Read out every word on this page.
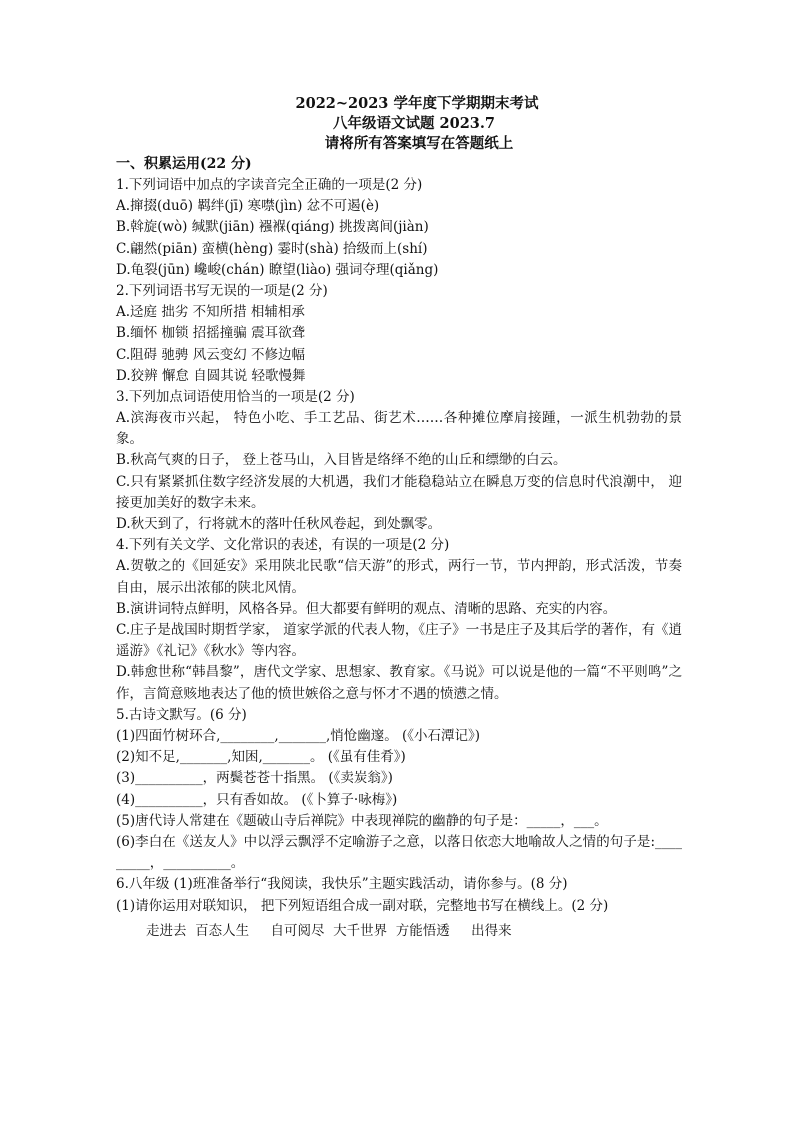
2022~2023 学年度下学期期末考试
八年级语文试题 2023.7
请将所有答案填写在答题纸上
一、积累运用(22 分)
1.下列词语中加点的字读音完全正确的一项是(2 分)
A.撺掇(duō) 羁绊(jī) 寒噤(jìn) 忿不可遏(è)
B.斡旋(wò) 缄默(jiān) 襁褓(qiáng) 挑拨离间(jiàn)
C.翩然(piān) 蛮横(hèng) 霎时(shà) 拾级而上(shí)
D.龟裂(jūn) 巉峻(chán) 瞭望(liào) 强词夺理(qiǎng)
2.下列词语书写无误的一项是(2 分)
A.迳庭 拙劣 不知所措 相辅相承
B.缅怀 枷锁 招摇撞骗 震耳欲聋
C.阻碍 驰骋 风云变幻 不修边幅
D.狡辨 懈怠 自圆其说 轻歌慢舞
3.下列加点词语使用恰当的一项是(2 分)
A.滨海夜市兴起， 特色小吃、手工艺品、街艺术……各种摊位摩肩接踵，一派生机勃勃的景象。
B.秋高气爽的日子， 登上苍马山，入目皆是络绎不绝的山丘和缥缈的白云。
C.只有紧紧抓住数字经济发展的大机遇，我们才能稳稳站立在瞬息万变的信息时代浪潮中， 迎接更加美好的数字未来。
D.秋天到了，行将就木的落叶任秋风卷起，到处飘零。
4.下列有关文学、文化常识的表述，有误的一项是(2 分)
A.贺敬之的《回延安》采用陕北民歌“信天游”的形式，两行一节，节内押韵，形式活泼，节奏自由，展示出浓郁的陕北风情。
B.演讲词特点鲜明，风格各异。但大都要有鲜明的观点、清晰的思路、充实的内容。
C.庄子是战国时期哲学家， 道家学派的代表人物，《庄子》一书是庄子及其后学的著作，有《逍遥游》《礼记》《秋水》等内容。
D.韩愈世称“韩昌黎”，唐代文学家、思想家、教育家。《马说》可以说是他的一篇“不平则鸣”之作，言简意赅地表达了他的愤世嫉俗之意与怀才不遇的愤懑之情。
5.古诗文默写。(6 分)
(1)四面竹树环合,________,_______,悄怆幽邃。 (《小石潭记》)
(2)知不足,_______,知困,_______。 (《虽有佳肴》)
(3)__________，两鬓苍苍十指黑。 (《卖炭翁》)
(4)__________，只有香如故。 (《卜算子·咏梅》)
(5)唐代诗人常建在《题破山寺后禅院》中表现禅院的幽静的句子是：_____，___。
(6)李白在《送友人》中以浮云飘浮不定喻游子之意，以落日依恋大地喻故人之情的句子是:_________，__________。
6.八年级 (1)班准备举行“我阅读，我快乐”主题实践活动，请你参与。(8 分)
(1)请你运用对联知识， 把下列短语组合成一副对联，完整地书写在横线上。(2 分)
走进去  百态人生     自可阅尽  大千世界  方能悟透     出得来
